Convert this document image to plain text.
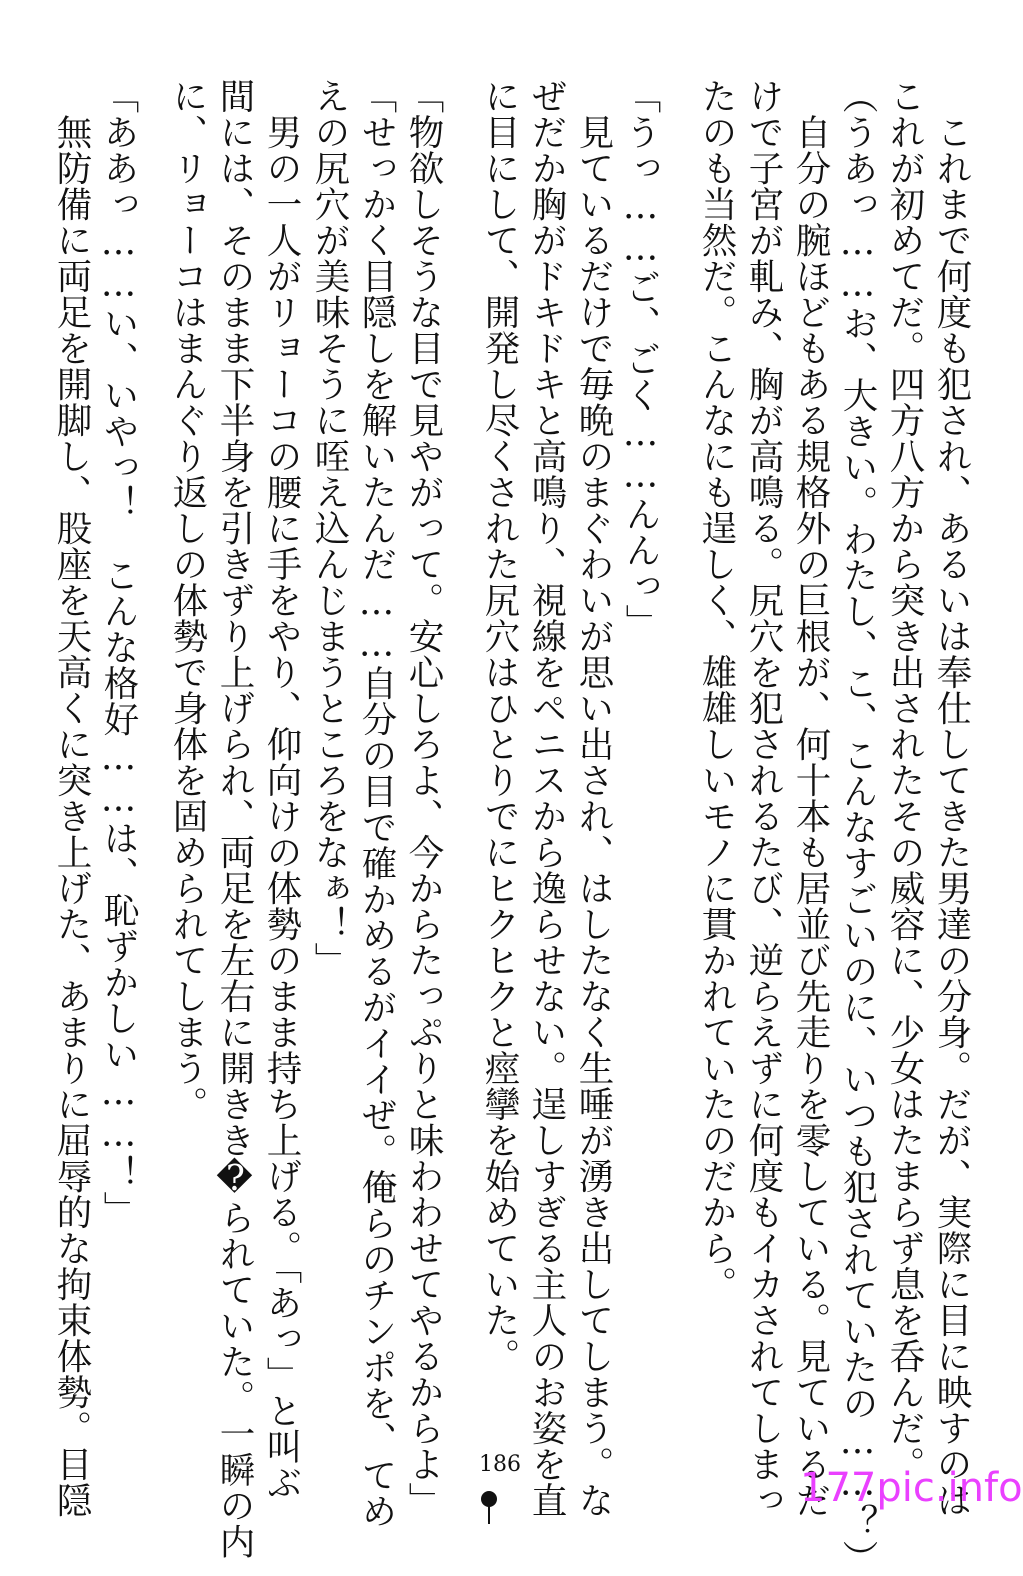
　これまで何度も犯され、あるいは奉仕してきた男達の分身。だが、実際に目に映すのは
これが初めてだ。四方八方から突き出されたその威容に、少女はたまらず息を呑んだ。
（うあっ……お、大きい。わたし、こ、こんなすごいのに、いつも犯されていたの……？）
　自分の腕ほどもある規格外の巨根が、何十本も居並び先走りを零している。見ているだ
けで子宮が軋み、胸が高鳴る。尻穴を犯されるたび、逆らえずに何度もイカされてしまっ
たのも当然だ。こんなにも逞しく、雄雄しいモノに貫かれていたのだから。
「うっ……ご、ごく……んんっ」
　見ているだけで毎晩のまぐわいが思い出され、はしたなく生唾が湧き出してしまう。な
ぜだか胸がドキドキと高鳴り、視線をペニスから逸らせない。逞しすぎる主人のお姿を直
に目にして、開発し尽くされた尻穴はひとりでにヒクヒクと痙攣を始めていた。
「物欲しそうな目で見やがって。安心しろよ、今からたっぷりと味わわせてやるからよ」
「せっかく目隠しを解いたんだ……自分の目で確かめるがイイぜ。俺らのチンポを、てめ
えの尻穴が美味そうに咥え込んじまうところをなぁ！」
　男の一人がリョーコの腰に手をやり、仰向けの体勢のまま持ち上げる。「あっ」と叫ぶ
間には、そのまま下半身を引きずり上げられ、両足を左右に開きき�られていた。一瞬の内
に、リョーコはまんぐり返しの体勢で身体を固められてしまう。
「ああっ……い、いやっ！　こんな格好……は、恥ずかしい……！」
　無防備に両足を開脚し、股座を天高くに突き上げた、あまりに屈辱的な拘束体勢。目隠	186
177pic.info
